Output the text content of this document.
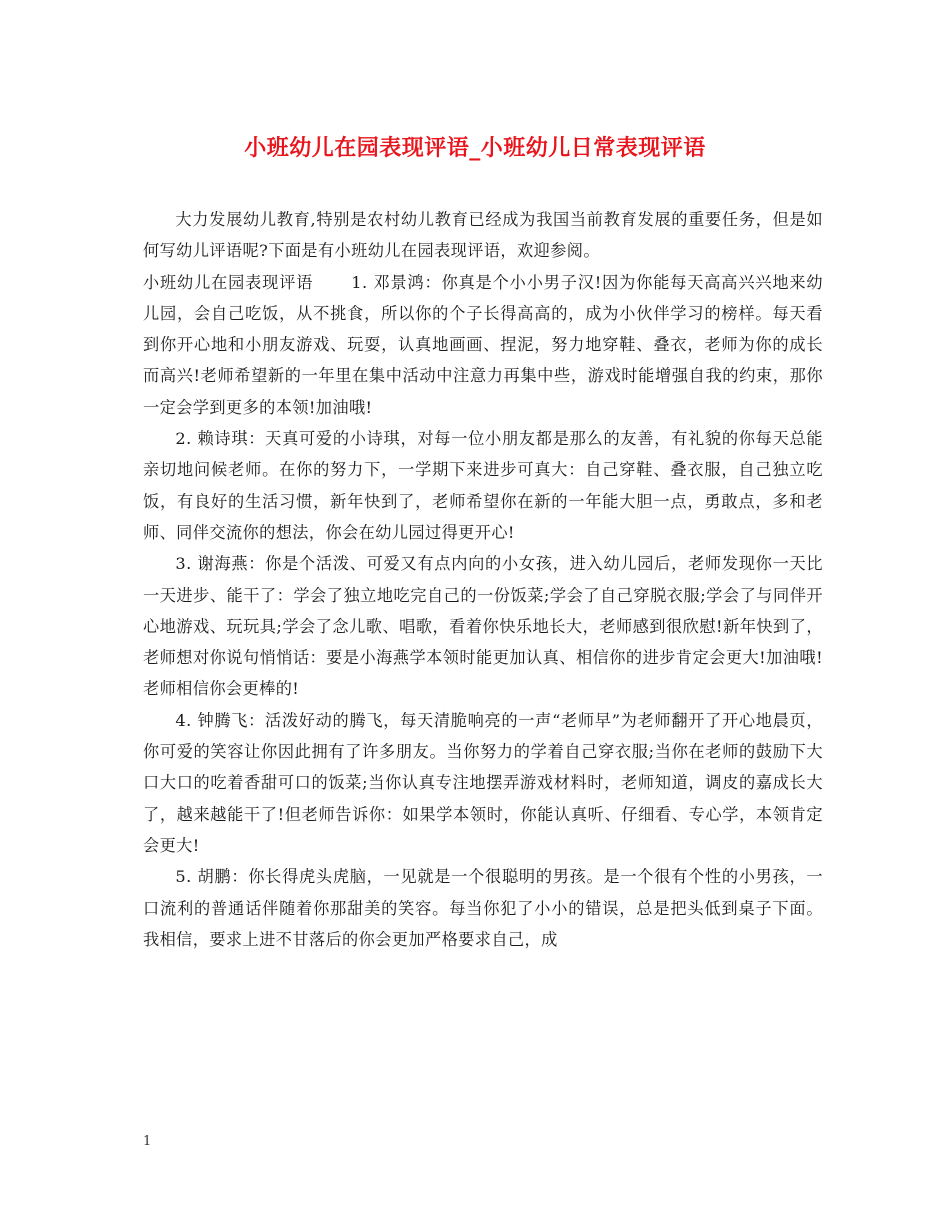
小班幼儿在园表现评语_小班幼儿日常表现评语

大力发展幼儿教育,特别是农村幼儿教育已经成为我国当前教育发展的重要任务，但是如何写幼儿评语呢?下面是有小班幼儿在园表现评语，欢迎参阅。

小班幼儿在园表现评语 1. 邓景鸿：你真是个小小男子汉!因为你能每天高高兴兴地来幼儿园，会自己吃饭，从不挑食，所以你的个子长得高高的，成为小伙伴学习的榜样。每天看到你开心地和小朋友游戏、玩耍，认真地画画、捏泥，努力地穿鞋、叠衣，老师为你的成长而高兴!老师希望新的一年里在集中活动中注意力再集中些，游戏时能增强自我的约束，那你一定会学到更多的本领!加油哦!

2. 赖诗琪：天真可爱的小诗琪，对每一位小朋友都是那么的友善，有礼貌的你每天总能亲切地问候老师。在你的努力下，一学期下来进步可真大：自己穿鞋、叠衣服，自己独立吃饭，有良好的生活习惯，新年快到了，老师希望你在新的一年能大胆一点，勇敢点，多和老师、同伴交流你的想法，你会在幼儿园过得更开心!

3. 谢海燕：你是个活泼、可爱又有点内向的小女孩，进入幼儿园后，老师发现你一天比一天进步、能干了：学会了独立地吃完自己的一份饭菜;学会了自己穿脱衣服;学会了与同伴开心地游戏、玩玩具;学会了念儿歌、唱歌，看着你快乐地长大，老师感到很欣慰!新年快到了，老师想对你说句悄悄话：要是小海燕学本领时能更加认真、相信你的进步肯定会更大!加油哦!老师相信你会更棒的!

4. 钟腾飞：活泼好动的腾飞，每天清脆响亮的一声“老师早”为老师翻开了开心地晨页，你可爱的笑容让你因此拥有了许多朋友。当你努力的学着自己穿衣服;当你在老师的鼓励下大口大口的吃着香甜可口的饭菜;当你认真专注地摆弄游戏材料时，老师知道，调皮的嘉成长大了，越来越能干了!但老师告诉你：如果学本领时，你能认真听、仔细看、专心学，本领肯定会更大!

5. 胡鹏：你长得虎头虎脑，一见就是一个很聪明的男孩。是一个很有个性的小男孩，一口流利的普通话伴随着你那甜美的笑容。每当你犯了小小的错误，总是把头低到桌子下面。我相信，要求上进不甘落后的你会更加严格要求自己，成

1
